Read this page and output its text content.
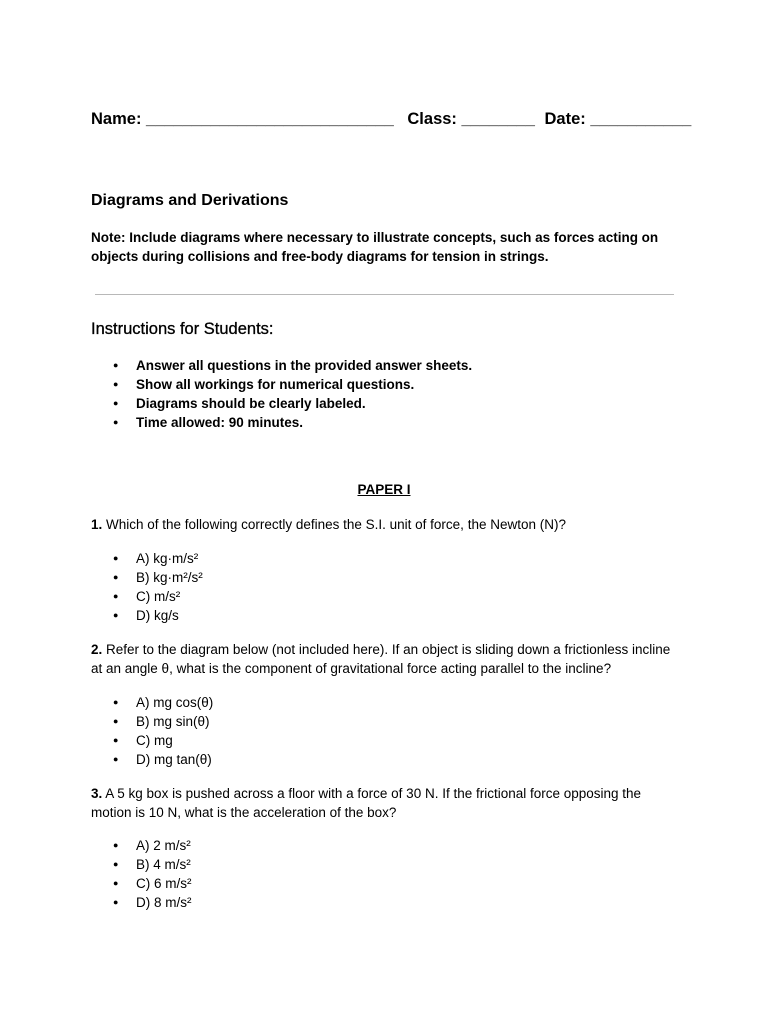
Name: ___________________________ Class: ________ Date: ___________
Diagrams and Derivations
Note: Include diagrams where necessary to illustrate concepts, such as forces acting on objects during collisions and free-body diagrams for tension in strings.
Instructions for Students:
● Answer all questions in the provided answer sheets.
● Show all workings for numerical questions.
● Diagrams should be clearly labeled.
● Time allowed: 90 minutes.
PAPER I
1. Which of the following correctly defines the S.I. unit of force, the Newton (N)?
● A) kg·m/s²
● B) kg·m²/s²
● C) m/s²
● D) kg/s
2. Refer to the diagram below (not included here). If an object is sliding down a frictionless incline at an angle θ, what is the component of gravitational force acting parallel to the incline?
● A) mg cos(θ)
● B) mg sin(θ)
● C) mg
● D) mg tan(θ)
3. A 5 kg box is pushed across a floor with a force of 30 N. If the frictional force opposing the motion is 10 N, what is the acceleration of the box?
● A) 2 m/s²
● B) 4 m/s²
● C) 6 m/s²
● D) 8 m/s²
